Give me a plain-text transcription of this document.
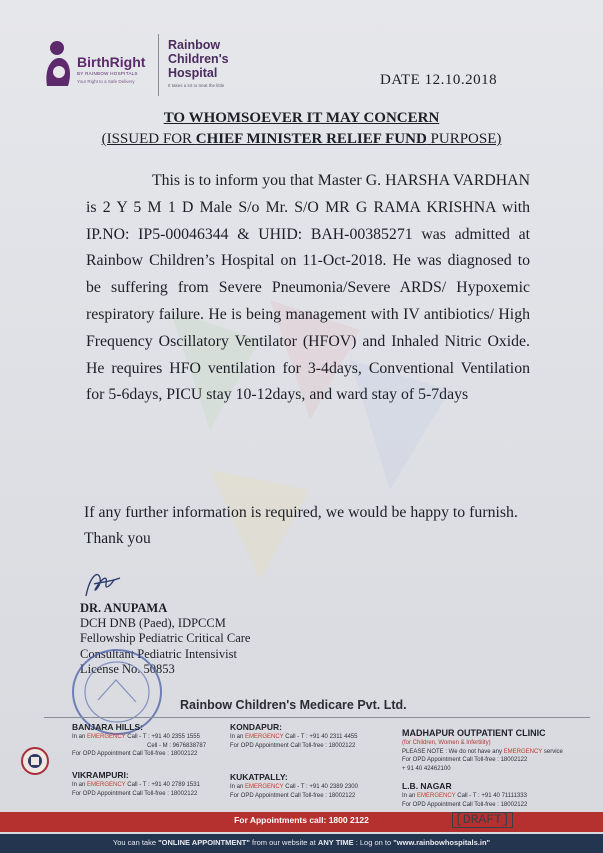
BirthRight
BY RAINBOW HOSPITALS
Your Right to a Safe Delivery
Rainbow
Children's
Hospital
It takes a lot to treat the little	DATE 12.10.2018
TO WHOMSOEVER IT MAY CONCERN
(ISSUED FOR CHIEF MINISTER RELIEF FUND PURPOSE)
This is to inform you that Master G. HARSHA VARDHAN is 2 Y 5 M 1 D Male S/o Mr. S/O MR G RAMA KRISHNA with IP.NO: IP5-00046344 & UHID: BAH-00385271 was admitted at Rainbow Children’s Hospital on 11-Oct-2018. He was diagnosed to be suffering from Severe Pneumonia/Severe ARDS/ Hypoxemic respiratory failure. He is being management with IV antibiotics/ High Frequency Oscillatory Ventilator (HFOV) and Inhaled Nitric Oxide. He requires HFO ventilation for 3-4days, Conventional Ventilation for 5-6days, PICU stay 10-12days, and ward stay of 5-7days
If any further information is required, we would be happy to furnish.
Thank you
DR. ANUPAMA
DCH DNB (Paed), IDPCCM
Fellowship Pediatric Critical Care
Consultant Pediatric Intensivist
License No. 50853
Rainbow Children's Medicare Pvt. Ltd.
BANJARA HILLS:
In an EMERGENCY Call - T : +91 40 2355 1555
Cell - M : 9676838787
For OPD Appointment Call Toll-free : 18002122
KONDAPUR:
In an EMERGENCY Call - T : +91 40 2311 4455
For OPD Appointment Call Toll-free : 18002122
MADHAPUR OUTPATIENT CLINIC
(for Children, Women & Infertility)
PLEASE NOTE : We do not have any EMERGENCY service
For OPD Appointment Call Toll-free : 18002122
+ 91 40 42462100
VIKRAMPURI:
In an EMERGENCY Call - T : +91 40 2789 1531
For OPD Appointment Call Toll-free : 18002122
KUKATPALLY:
In an EMERGENCY Call - T : +91 40 2389 2300
For OPD Appointment Call Toll-free : 18002122
L.B. NAGAR
In an EMERGENCY Call - T : +91 40 71111333
For OPD Appointment Call Toll-free : 18002122
For Appointments call: 1800 2122	[DRAFT]
You can take "ONLINE APPOINTMENT" from our website at ANY TIME : Log on to "www.rainbowhospitals.in"
